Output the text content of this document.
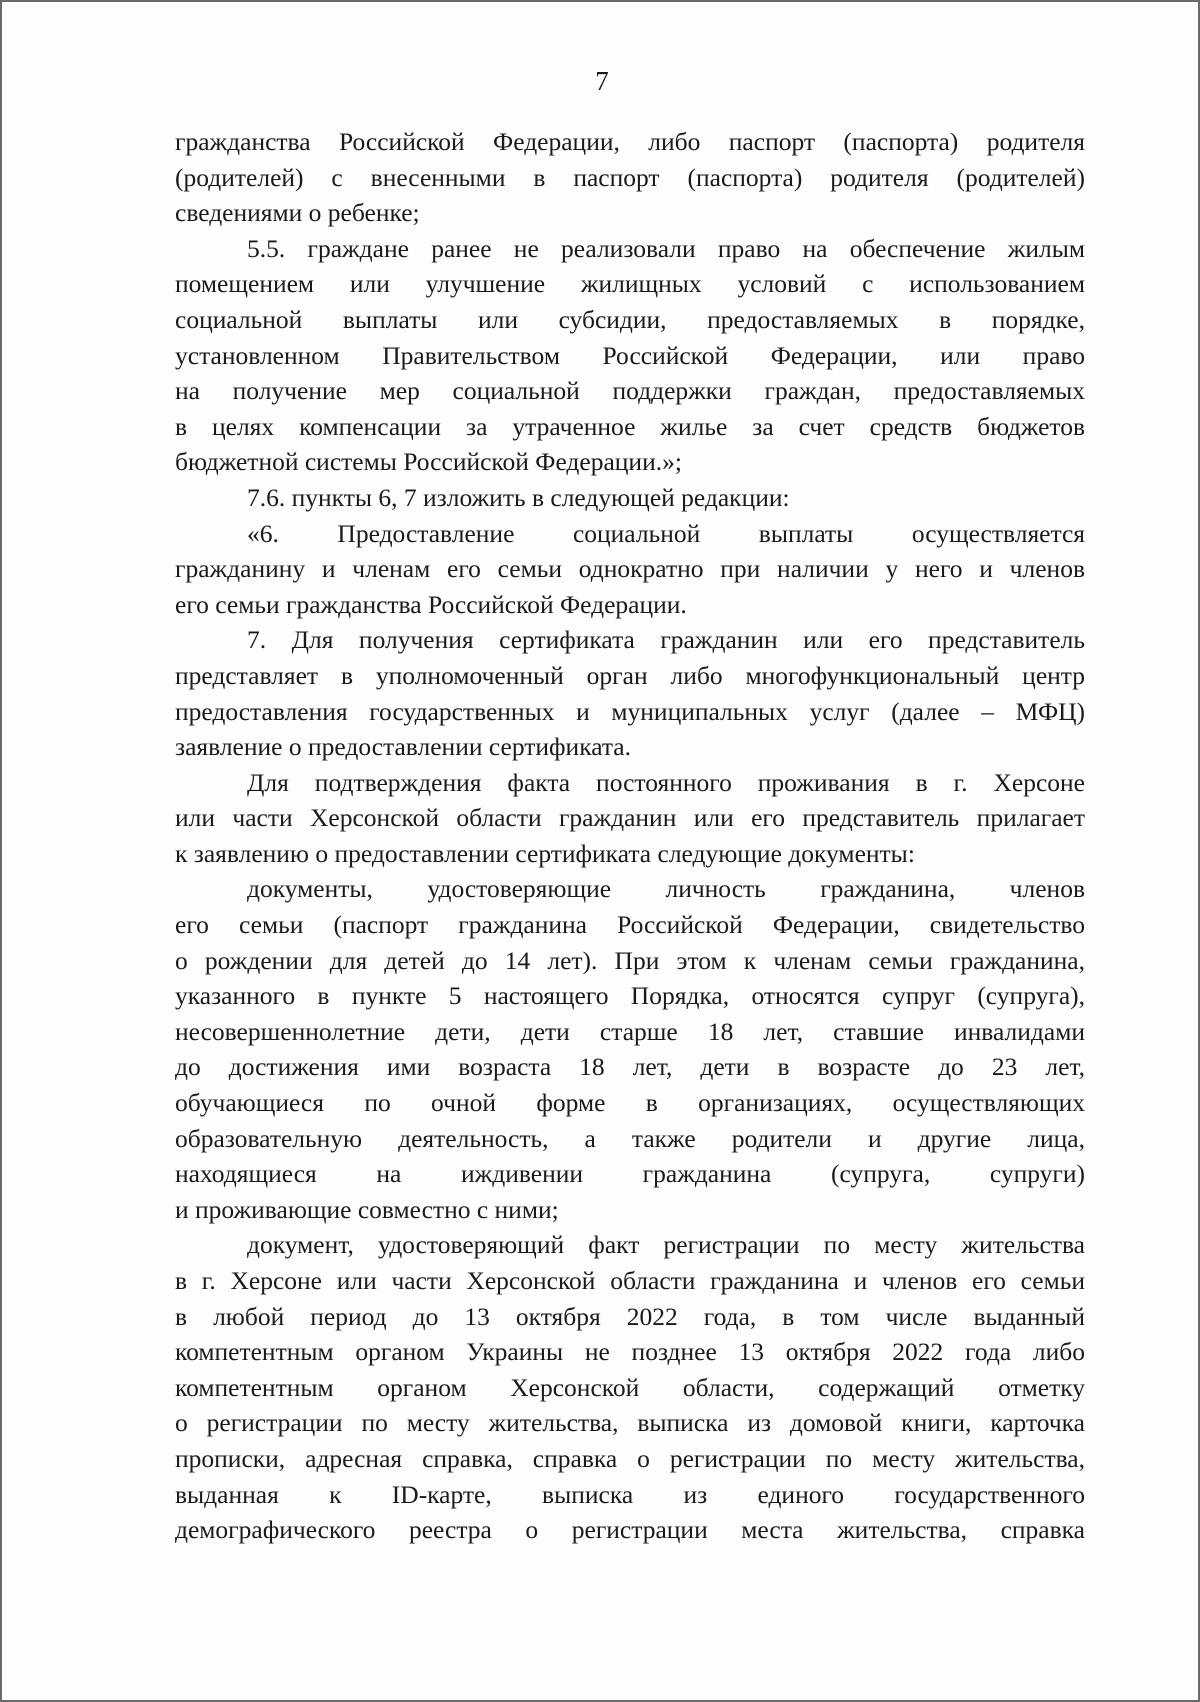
7
гражданства Российской Федерации, либо паспорт (паспорта) родителя
(родителей) с внесенными в паспорт (паспорта) родителя (родителей)
сведениями о ребенке;
5.5. граждане ранее не реализовали право на обеспечение жилым
помещением или улучшение жилищных условий с использованием
социальной выплаты или субсидии, предоставляемых в порядке,
установленном Правительством Российской Федерации, или право
на получение мер социальной поддержки граждан, предоставляемых
в целях компенсации за утраченное жилье за счет средств бюджетов
бюджетной системы Российской Федерации.»;
7.6. пункты 6, 7 изложить в следующей редакции:
«6. Предоставление социальной выплаты осуществляется
гражданину и членам его семьи однократно при наличии у него и членов
его семьи гражданства Российской Федерации.
7. Для получения сертификата гражданин или его представитель
представляет в уполномоченный орган либо многофункциональный центр
предоставления государственных и муниципальных услуг (далее – МФЦ)
заявление о предоставлении сертификата.
Для подтверждения факта постоянного проживания в г. Херсоне
или части Херсонской области гражданин или его представитель прилагает
к заявлению о предоставлении сертификата следующие документы:
документы, удостоверяющие личность гражданина, членов
его семьи (паспорт гражданина Российской Федерации, свидетельство
о рождении для детей до 14 лет). При этом к членам семьи гражданина,
указанного в пункте 5 настоящего Порядка, относятся супруг (супруга),
несовершеннолетние дети, дети старше 18 лет, ставшие инвалидами
до достижения ими возраста 18 лет, дети в возрасте до 23 лет,
обучающиеся по очной форме в организациях, осуществляющих
образовательную деятельность, а также родители и другие лица,
находящиеся на иждивении гражданина (супруга, супруги)
и проживающие совместно с ними;
документ, удостоверяющий факт регистрации по месту жительства
в г. Херсоне или части Херсонской области гражданина и членов его семьи
в любой период до 13 октября 2022 года, в том числе выданный
компетентным органом Украины не позднее 13 октября 2022 года либо
компетентным органом Херсонской области, содержащий отметку
о регистрации по месту жительства, выписка из домовой книги, карточка
прописки, адресная справка, справка о регистрации по месту жительства,
выданная к ID-карте, выписка из единого государственного
демографического реестра о регистрации места жительства, справка
